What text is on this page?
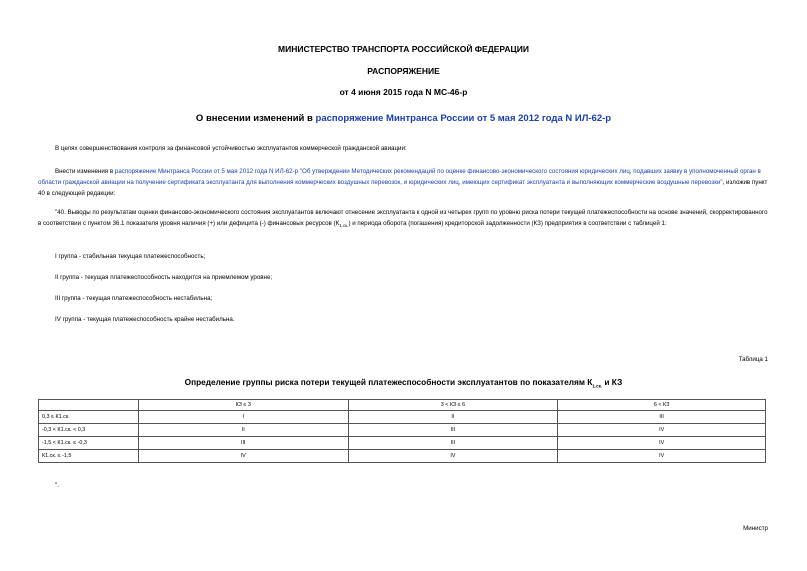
МИНИСТЕРСТВО ТРАНСПОРТА РОССИЙСКОЙ ФЕДЕРАЦИИ
РАСПОРЯЖЕНИЕ
от 4 июня 2015 года N МС-46-р
О внесении изменений в распоряжение Минтранса России от 5 мая 2012 года N ИЛ-62-р
В целях совершенствования контроля за финансовой устойчивостью эксплуатантов коммерческой гражданской авиации:
Внести изменения в распоряжение Минтранса России от 5 мая 2012 года N ИЛ-62-р "Об утверждении Методических рекомендаций по оценке финансово-экономического состояния юридических лиц, подавших заявку в уполномоченный орган в области гражданской авиации на получение сертификата эксплуатанта для выполнения коммерческих воздушных перевозок, и юридических лиц, имеющих сертификат эксплуатанта и выполняющих коммерческие воздушные перевозки", изложив пункт 40 в следующей редакции:
"40. Выводы по результатам оценки финансово-экономического состояния эксплуатантов включают отнесение эксплуатанта к одной из четырех групп по уровню риска потери текущей платежеспособности на основе значений, скорректированного в соответствии с пунктом 36.1 показателя уровня наличия (+) или дефицита (-) финансовых ресурсов $(К_{1.ск.})$ и периода оборота (погашения) кредиторской задолженности (КЗ) предприятия в соответствии с таблицей 1:
I группа - стабильная текущая платежеспособность;
II группа - текущая платежеспособность находится на приемлемом уровне;
III группа - текущая платежеспособность нестабильна;
IV группа - текущая платежеспособность крайне нестабильна.
Таблица 1
Определение группы риска потери текущей платежеспособности эксплуатантов по показателям $К_{1.ск.}$ и КЗ
	КЗ ≤ 3	3 < КЗ ≤ 6	6 < КЗ
0,3 ≤ К1.ск.	I	II	III
-0,3 < К1.ск. < 0,3	II	III	IV
-1,5 < К1.ск. ≤ -0,3	III	III	IV
К1.ск. ≤ -1,5	IV	IV	IV
".
Министр
